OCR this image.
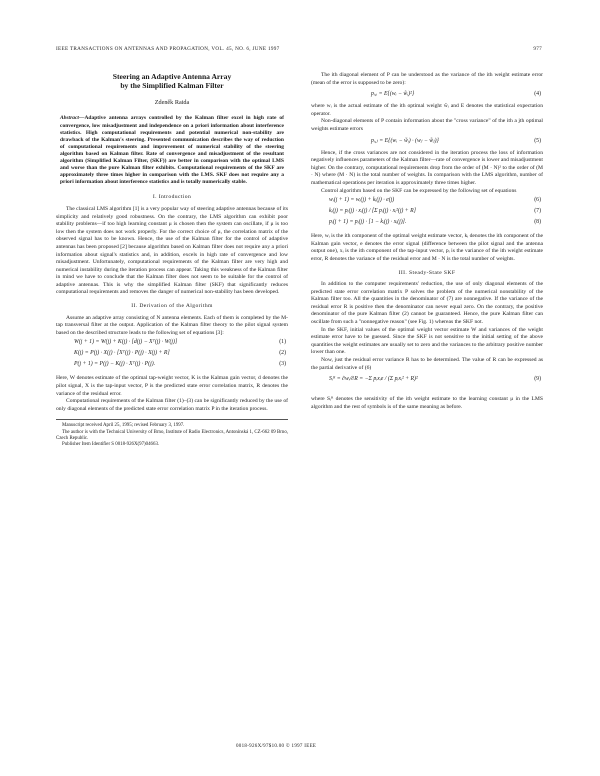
IEEE TRANSACTIONS ON ANTENNAS AND PROPAGATION, VOL. 45, NO. 6, JUNE 1997	977
Steering an Adaptive Antenna Array
by the Simplified Kalman Filter
Zdeněk Raida
Abstract—Adaptive antenna arrays controlled by the Kalman filter excel in high rate of convergence, low misadjustment and independence on a priori information about interference statistics. High computational requirements and potential numerical non-stability are drawback of the Kalman's steering. Presented communication describes the way of reduction of computational requirements and improvement of numerical stability of the steering algorithm based on Kalman filter. Rate of convergence and misadjustment of the resultant algorithm (Simplified Kalman Filter, (SKF)) are better in comparison with the optimal LMS and worse than the pure Kalman filter exhibits. Computational requirements of the SKF are approximately three times higher in comparison with the LMS. SKF does not require any a priori information about interference statistics and is totally numerically stable.
I. Introduction

The classical LMS algorithm [1] is a very popular way of steering adaptive antennas because of its simplicity and relatively good robustness. On the contrary, the LMS algorithm can exhibit poor stability problems—if too high learning constant μ is chosen then the system can oscillate, if μ is too low then the system does not work properly. For the correct choice of μ, the correlation matrix of the observed signal has to be known. Hence, the use of the Kalman filter for the control of adaptive antennas has been proposed [2] because algorithm based on Kalman filter does not require any a priori information about signal's statistics and, in addition, excels in high rate of convergence and low misadjustment. Unfortunately, computational requirements of the Kalman filter are very high and numerical instability during the iteration process can appear. Taking this weakness of the Kalman filter in mind we have to conclude that the Kalman filter does not seem to be suitable for the control of adaptive antennas. This is why the simplified Kalman filter (SKF) that significantly reduces computational requirements and removes the danger of numerical non-stability has been developed.

II. Derivation of the Algorithm

Assume an adaptive array consisting of N antenna elements. Each of them is completed by the M-tap transversal filter at the output. Application of the Kalman filter theory to the pilot signal system based on the described structure leads to the following set of equations [3]:

W(j + 1) = W(j) + K(j) · [d(j) − Xᵀ(j) · W(j)]	(1)
K(j) = P(j) · X(j) · [Xᵀ(j) · P(j) · X(j) + R]	(2)
P(j + 1) = P(j) − K(j) · Xᵀ(j) · P(j).	(3)

Here, W denotes estimate of the optimal tap-weight vector, K is the Kalman gain vector, d denotes the pilot signal, X is the tap-input vector, P is the predicted state error correlation matrix, R denotes the variance of the residual error.

Computational requirements of the Kalman filter (1)–(3) can be significantly reduced by the use of only diagonal elements of the predicted state error correlation matrix P in the iteration process.

Manuscript received April 25, 1995; revised February 3, 1997.
The author is with the Technical University of Brno, Institute of Radio Electronics, Antonínská 1, CZ-662 09 Brno, Czech Republic.
Publisher Item Identifier S 0018-926X(97)04663.

The ith diagonal element of P can be understood as the variance of the ith weight estimate error (mean of the error is supposed to be zero):

pᵢ,ᵢ = E{(wᵢ − w̃ᵢ)²}	(4)

where wᵢ is the actual estimate of the ith optimal weight w̃ᵢ and E denotes the statistical expectation operator.

Non-diagonal elements of P contain information about the "cross variance" of the ith a jth optimal weights estimate errors

pᵢ,ⱼ = E{(wᵢ − w̃ᵢ) · (wⱼ − w̃ⱼ)}	(5)

Hence, if the cross variances are not considered in the iteration process the loss of information negatively influences parameters of the Kalman filter—rate of convergence is lower and misadjustment higher. On the contrary, computational requirements drop from the order of (M · N)² to the order of (M · N) where (M · N) is the total number of weights. In comparison with the LMS algorithm, number of mathematical operations per iteration is approximately three times higher.

Control algorithm based on the SKF can be expressed by the following set of equations

wᵢ(j + 1) = wᵢ(j) + kᵢ(j) · e(j)	(6)
kᵢ(j) = pᵢ(j) · xᵢ(j) / [Σ pᵢ(j) · xᵢ²(j) + R]	(7)
pᵢ(j + 1) = pᵢ(j) · [1 − kᵢ(j) · xᵢ(j)].	(8)

Here, wᵢ is the ith component of the optimal weight estimate vector, kᵢ denotes the ith component of the Kalman gain vector, e denotes the error signal (difference between the pilot signal and the antenna output one), xᵢ is the ith component of the tap-input vector, pᵢ is the variance of the ith weight estimate error, R denotes the variance of the residual error and M · N is the total number of weights.

III. Steady-State SKF

In addition to the computer requirements' reduction, the use of only diagonal elements of the predicted state error correlation matrix P solves the problem of the numerical nonstability of the Kalman filter too. All the quantities in the denominator of (7) are nonnegative. If the variance of the residual error R is positive then the denominator can never equal zero. On the contrary, the positive denominator of the pure Kalman filter (2) cannot be guaranteed. Hence, the pure Kalman filter can oscillate from such a "nonnegative reason" (see Fig. 1) whereas the SKF not.

In the SKF, initial values of the optimal weight vector estimate W and variances of the weight estimate error have to be guessed. Since the SKF is not sensitive to the initial setting of the above quantities the weight estimates are usually set to zero and the variances to the arbitrary positive number lower than one.

Now, just the residual error variance R has to be determined. The value of R can be expressed as the partial derivative of (6)

Sᵢᴿ = ∂wᵢ/∂R = −Σ pᵢxᵢe / (Σ pᵢxᵢ² + R)²	(9)

where Sᵢᴿ denotes the sensitivity of the ith weight estimate to the learning constant μ in the LMS algorithm and the rest of symbols is of the same meaning as before.

0018-926X/97$10.00 © 1997 IEEE
